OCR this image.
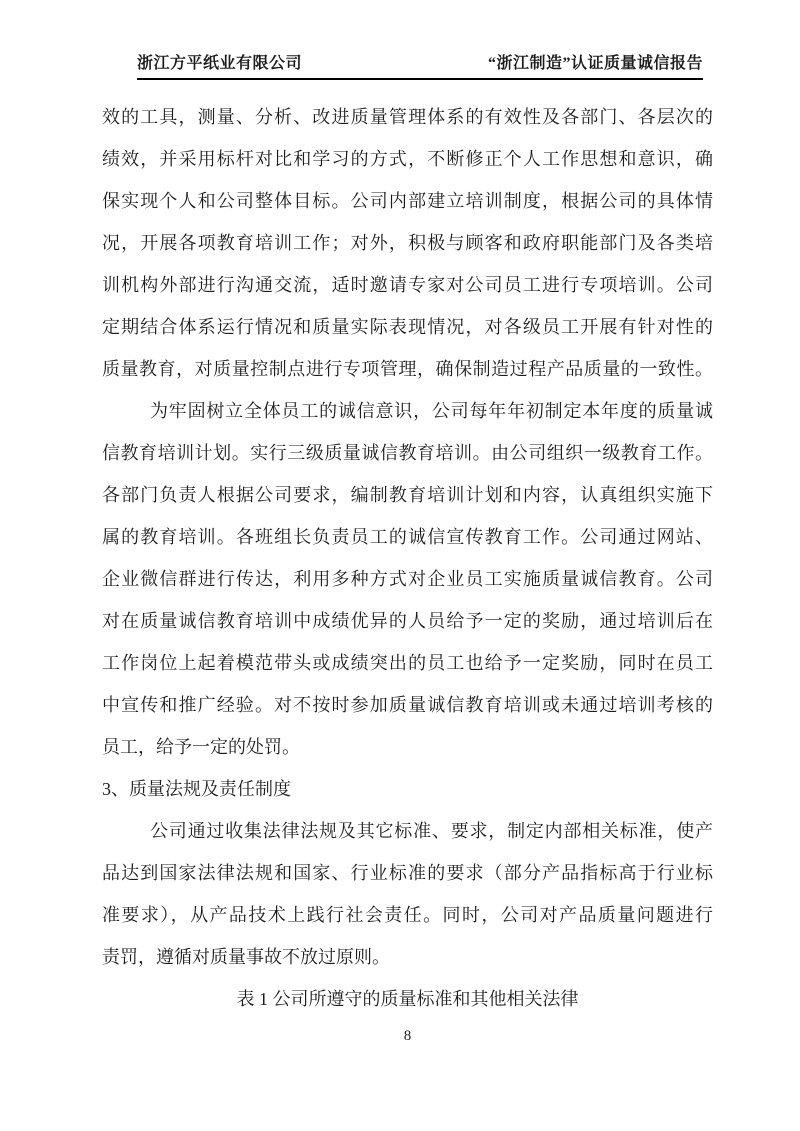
浙江方平纸业有限公司	“浙江制造”认证质量诚信报告
效的工具，测量、分析、改进质量管理体系的有效性及各部门、各层次的
绩效，并采用标杆对比和学习的方式，不断修正个人工作思想和意识，确
保实现个人和公司整体目标。公司内部建立培训制度，根据公司的具体情
况，开展各项教育培训工作；对外，积极与顾客和政府职能部门及各类培
训机构外部进行沟通交流，适时邀请专家对公司员工进行专项培训。公司
定期结合体系运行情况和质量实际表现情况，对各级员工开展有针对性的
质量教育，对质量控制点进行专项管理，确保制造过程产品质量的一致性。
为牢固树立全体员工的诚信意识，公司每年年初制定本年度的质量诚
信教育培训计划。实行三级质量诚信教育培训。由公司组织一级教育工作。
各部门负责人根据公司要求，编制教育培训计划和内容，认真组织实施下
属的教育培训。各班组长负责员工的诚信宣传教育工作。公司通过网站、
企业微信群进行传达，利用多种方式对企业员工实施质量诚信教育。公司
对在质量诚信教育培训中成绩优异的人员给予一定的奖励，通过培训后在
工作岗位上起着模范带头或成绩突出的员工也给予一定奖励，同时在员工
中宣传和推广经验。对不按时参加质量诚信教育培训或未通过培训考核的
员工，给予一定的处罚。
3、质量法规及责任制度
公司通过收集法律法规及其它标准、要求，制定内部相关标准，使产
品达到国家法律法规和国家、行业标准的要求（部分产品指标高于行业标
准要求），从产品技术上践行社会责任。同时，公司对产品质量问题进行
责罚，遵循对质量事故不放过原则。
表 1 公司所遵守的质量标准和其他相关法律
8
